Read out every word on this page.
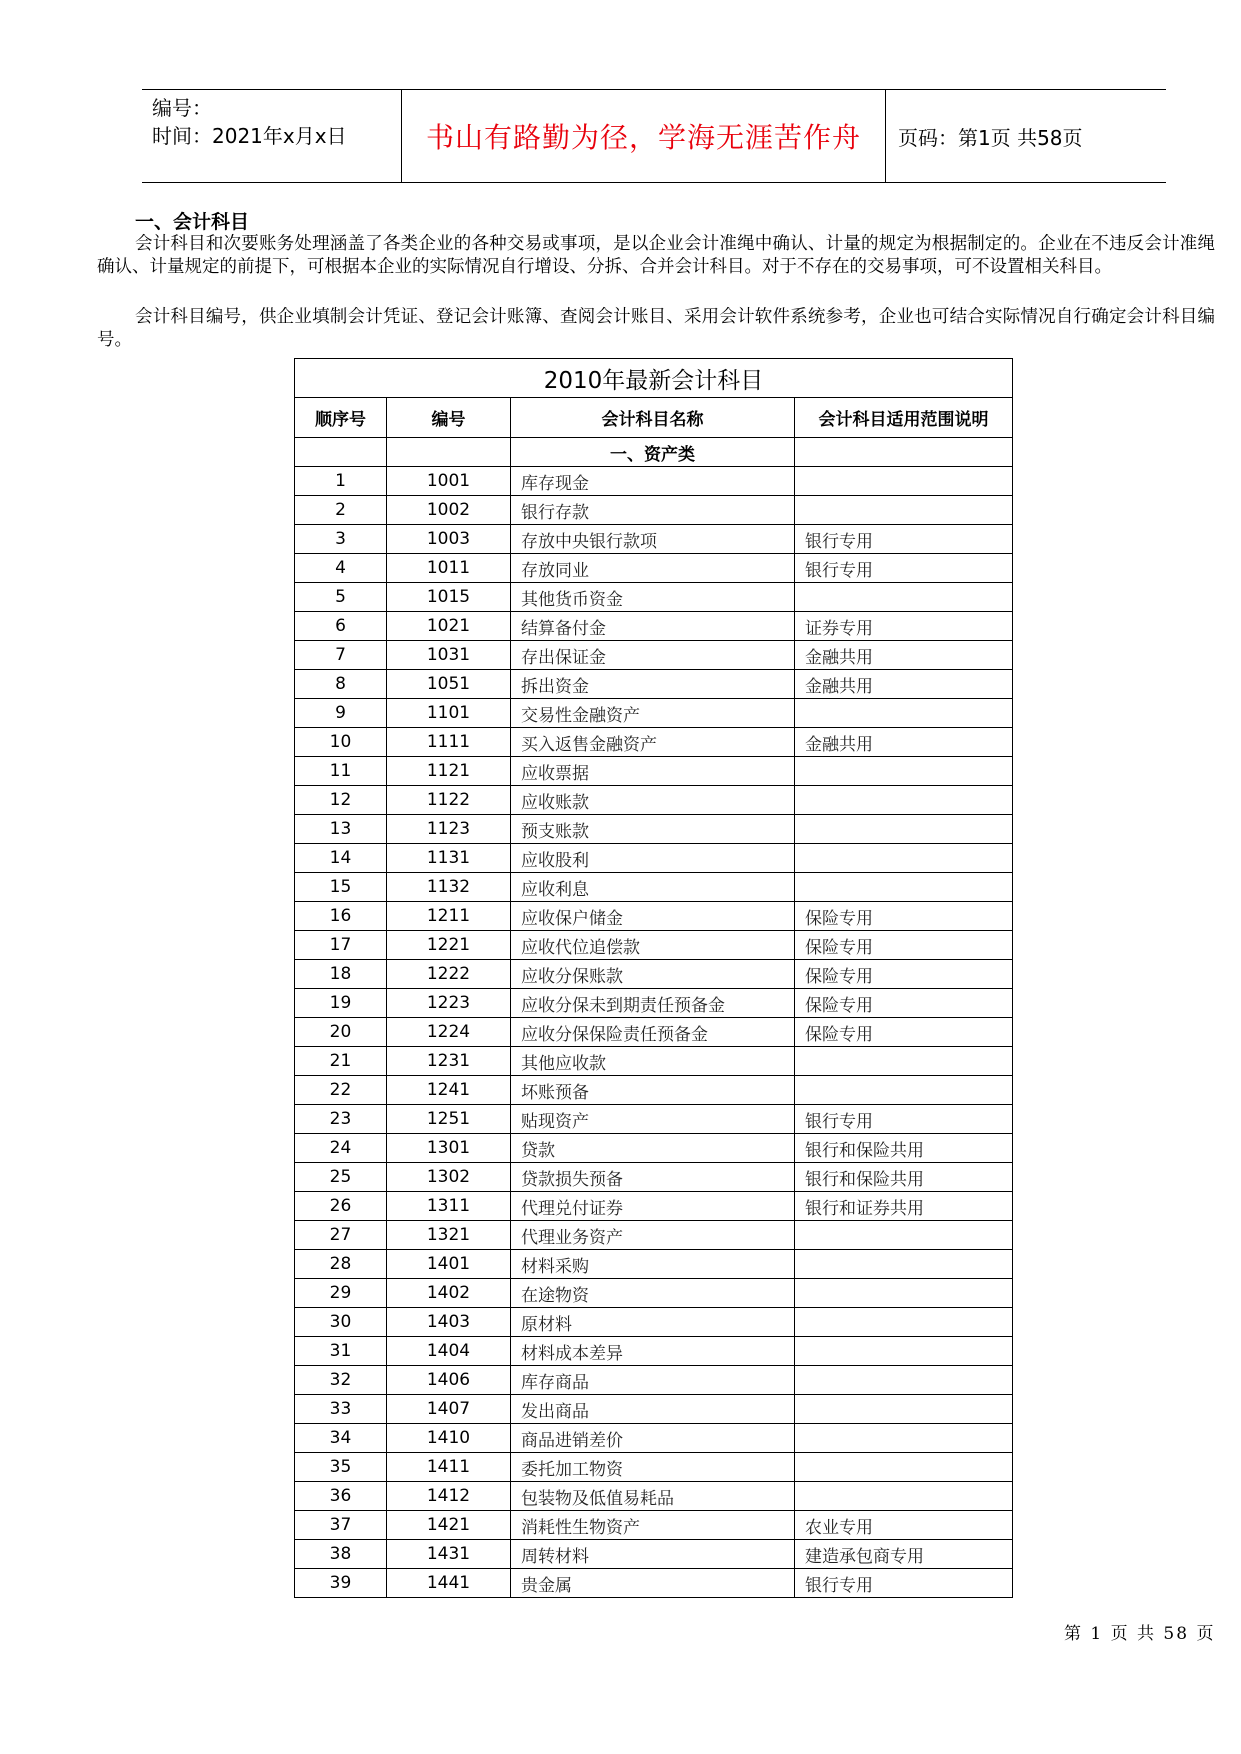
编号：
时间：2021年x月x日	书山有路勤为径，学海无涯苦作舟	页码：第1页 共58页
一、会计科目
会计科目和次要账务处理涵盖了各类企业的各种交易或事项，是以企业会计准绳中确认、计量的规定为根据制定的。企业在不违反会计准绳确认、计量规定的前提下，可根据本企业的实际情况自行增设、分拆、合并会计科目。对于不存在的交易事项，可不设置相关科目。
会计科目编号，供企业填制会计凭证、登记会计账簿、查阅会计账目、采用会计软件系统参考，企业也可结合实际情况自行确定会计科目编号。
2010年最新会计科目			
顺序号	编号	会计科目名称	会计科目适用范围说明
		一、资产类	
1	1001	库存现金	
2	1002	银行存款	
3	1003	存放中央银行款项	银行专用
4	1011	存放同业	银行专用
5	1015	其他货币资金	
6	1021	结算备付金	证券专用
7	1031	存出保证金	金融共用
8	1051	拆出资金	金融共用
9	1101	交易性金融资产	
10	1111	买入返售金融资产	金融共用
11	1121	应收票据	
12	1122	应收账款	
13	1123	预支账款	
14	1131	应收股利	
15	1132	应收利息	
16	1211	应收保户储金	保险专用
17	1221	应收代位追偿款	保险专用
18	1222	应收分保账款	保险专用
19	1223	应收分保未到期责任预备金	保险专用
20	1224	应收分保保险责任预备金	保险专用
21	1231	其他应收款	
22	1241	坏账预备	
23	1251	贴现资产	银行专用
24	1301	贷款	银行和保险共用
25	1302	贷款损失预备	银行和保险共用
26	1311	代理兑付证券	银行和证券共用
27	1321	代理业务资产	
28	1401	材料采购	
29	1402	在途物资	
30	1403	原材料	
31	1404	材料成本差异	
32	1406	库存商品	
33	1407	发出商品	
34	1410	商品进销差价	
35	1411	委托加工物资	
36	1412	包装物及低值易耗品	
37	1421	消耗性生物资产	农业专用
38	1431	周转材料	建造承包商专用
39	1441	贵金属	银行专用
第 1 页 共 58 页
